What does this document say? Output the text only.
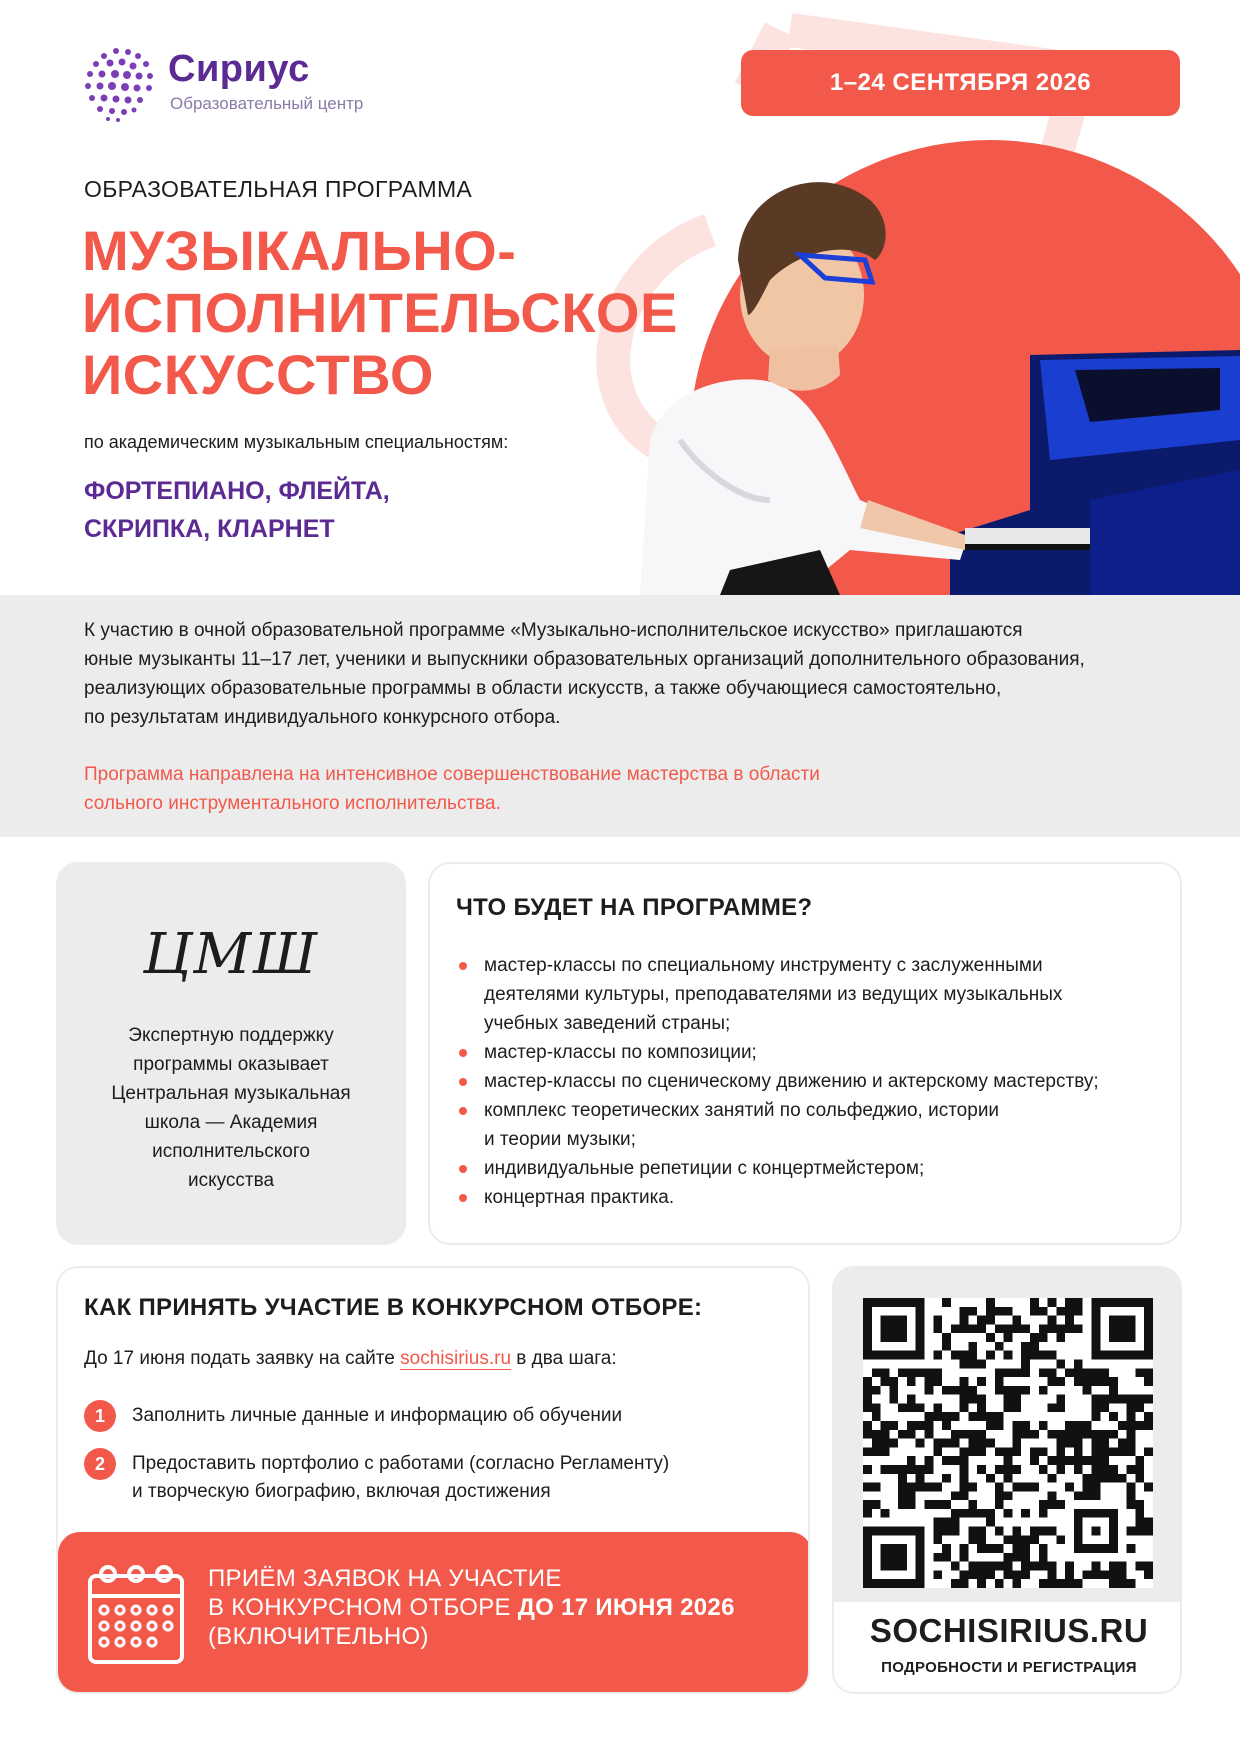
Сириус
Образовательный центр
1–24 СЕНТЯБРЯ 2026
ОБРАЗОВАТЕЛЬНАЯ ПРОГРАММА
МУЗЫКАЛЬНО-
ИСПОЛНИТЕЛЬСКОЕ
ИСКУССТВО
по академическим музыкальным специальностям:
ФОРТЕПИАНО, ФЛЕЙТА,
СКРИПКА, КЛАРНЕТ
К участию в очной образовательной программе «Музыкально-исполнительское искусство» приглашаются
юные музыканты 11–17 лет, ученики и выпускники образовательных организаций дополнительного образования,
реализующих образовательные программы в области искусств, а также обучающиеся самостоятельно,
по результатам индивидуального конкурсного отбора.
Программа направлена на интенсивное совершенствование мастерства в области
сольного инструментального исполнительства.
ЦМШ
Экспертную поддержку
программы оказывает
Центральная музыкальная
школа — Академия
исполнительского
искусства
ЧТО БУДЕТ НА ПРОГРАММЕ?
мастер-классы по специальному инструменту с заслуженными
деятелями культуры, преподавателями из ведущих музыкальных
учебных заведений страны;
мастер-классы по композиции;
мастер-классы по сценическому движению и актерскому мастерству;
комплекс теоретических занятий по сольфеджио, истории
и теории музыки;
индивидуальные репетиции с концертмейстером;
концертная практика.
КАК ПРИНЯТЬ УЧАСТИЕ В КОНКУРСНОМ ОТБОРЕ:
До 17 июня подать заявку на сайте sochisirius.ru в два шага:
1	Заполнить личные данные и информацию об обучении
2	Предоставить портфолио с работами (согласно Регламенту)
и творческую биографию, включая достижения
ПРИЁМ ЗАЯВОК НА УЧАСТИЕ
В КОНКУРСНОМ ОТБОРЕ ДО 17 ИЮНЯ 2026
(ВКЛЮЧИТЕЛЬНО)	SOCHISIRIUS.RU
ПОДРОБНОСТИ И РЕГИСТРАЦИЯ
